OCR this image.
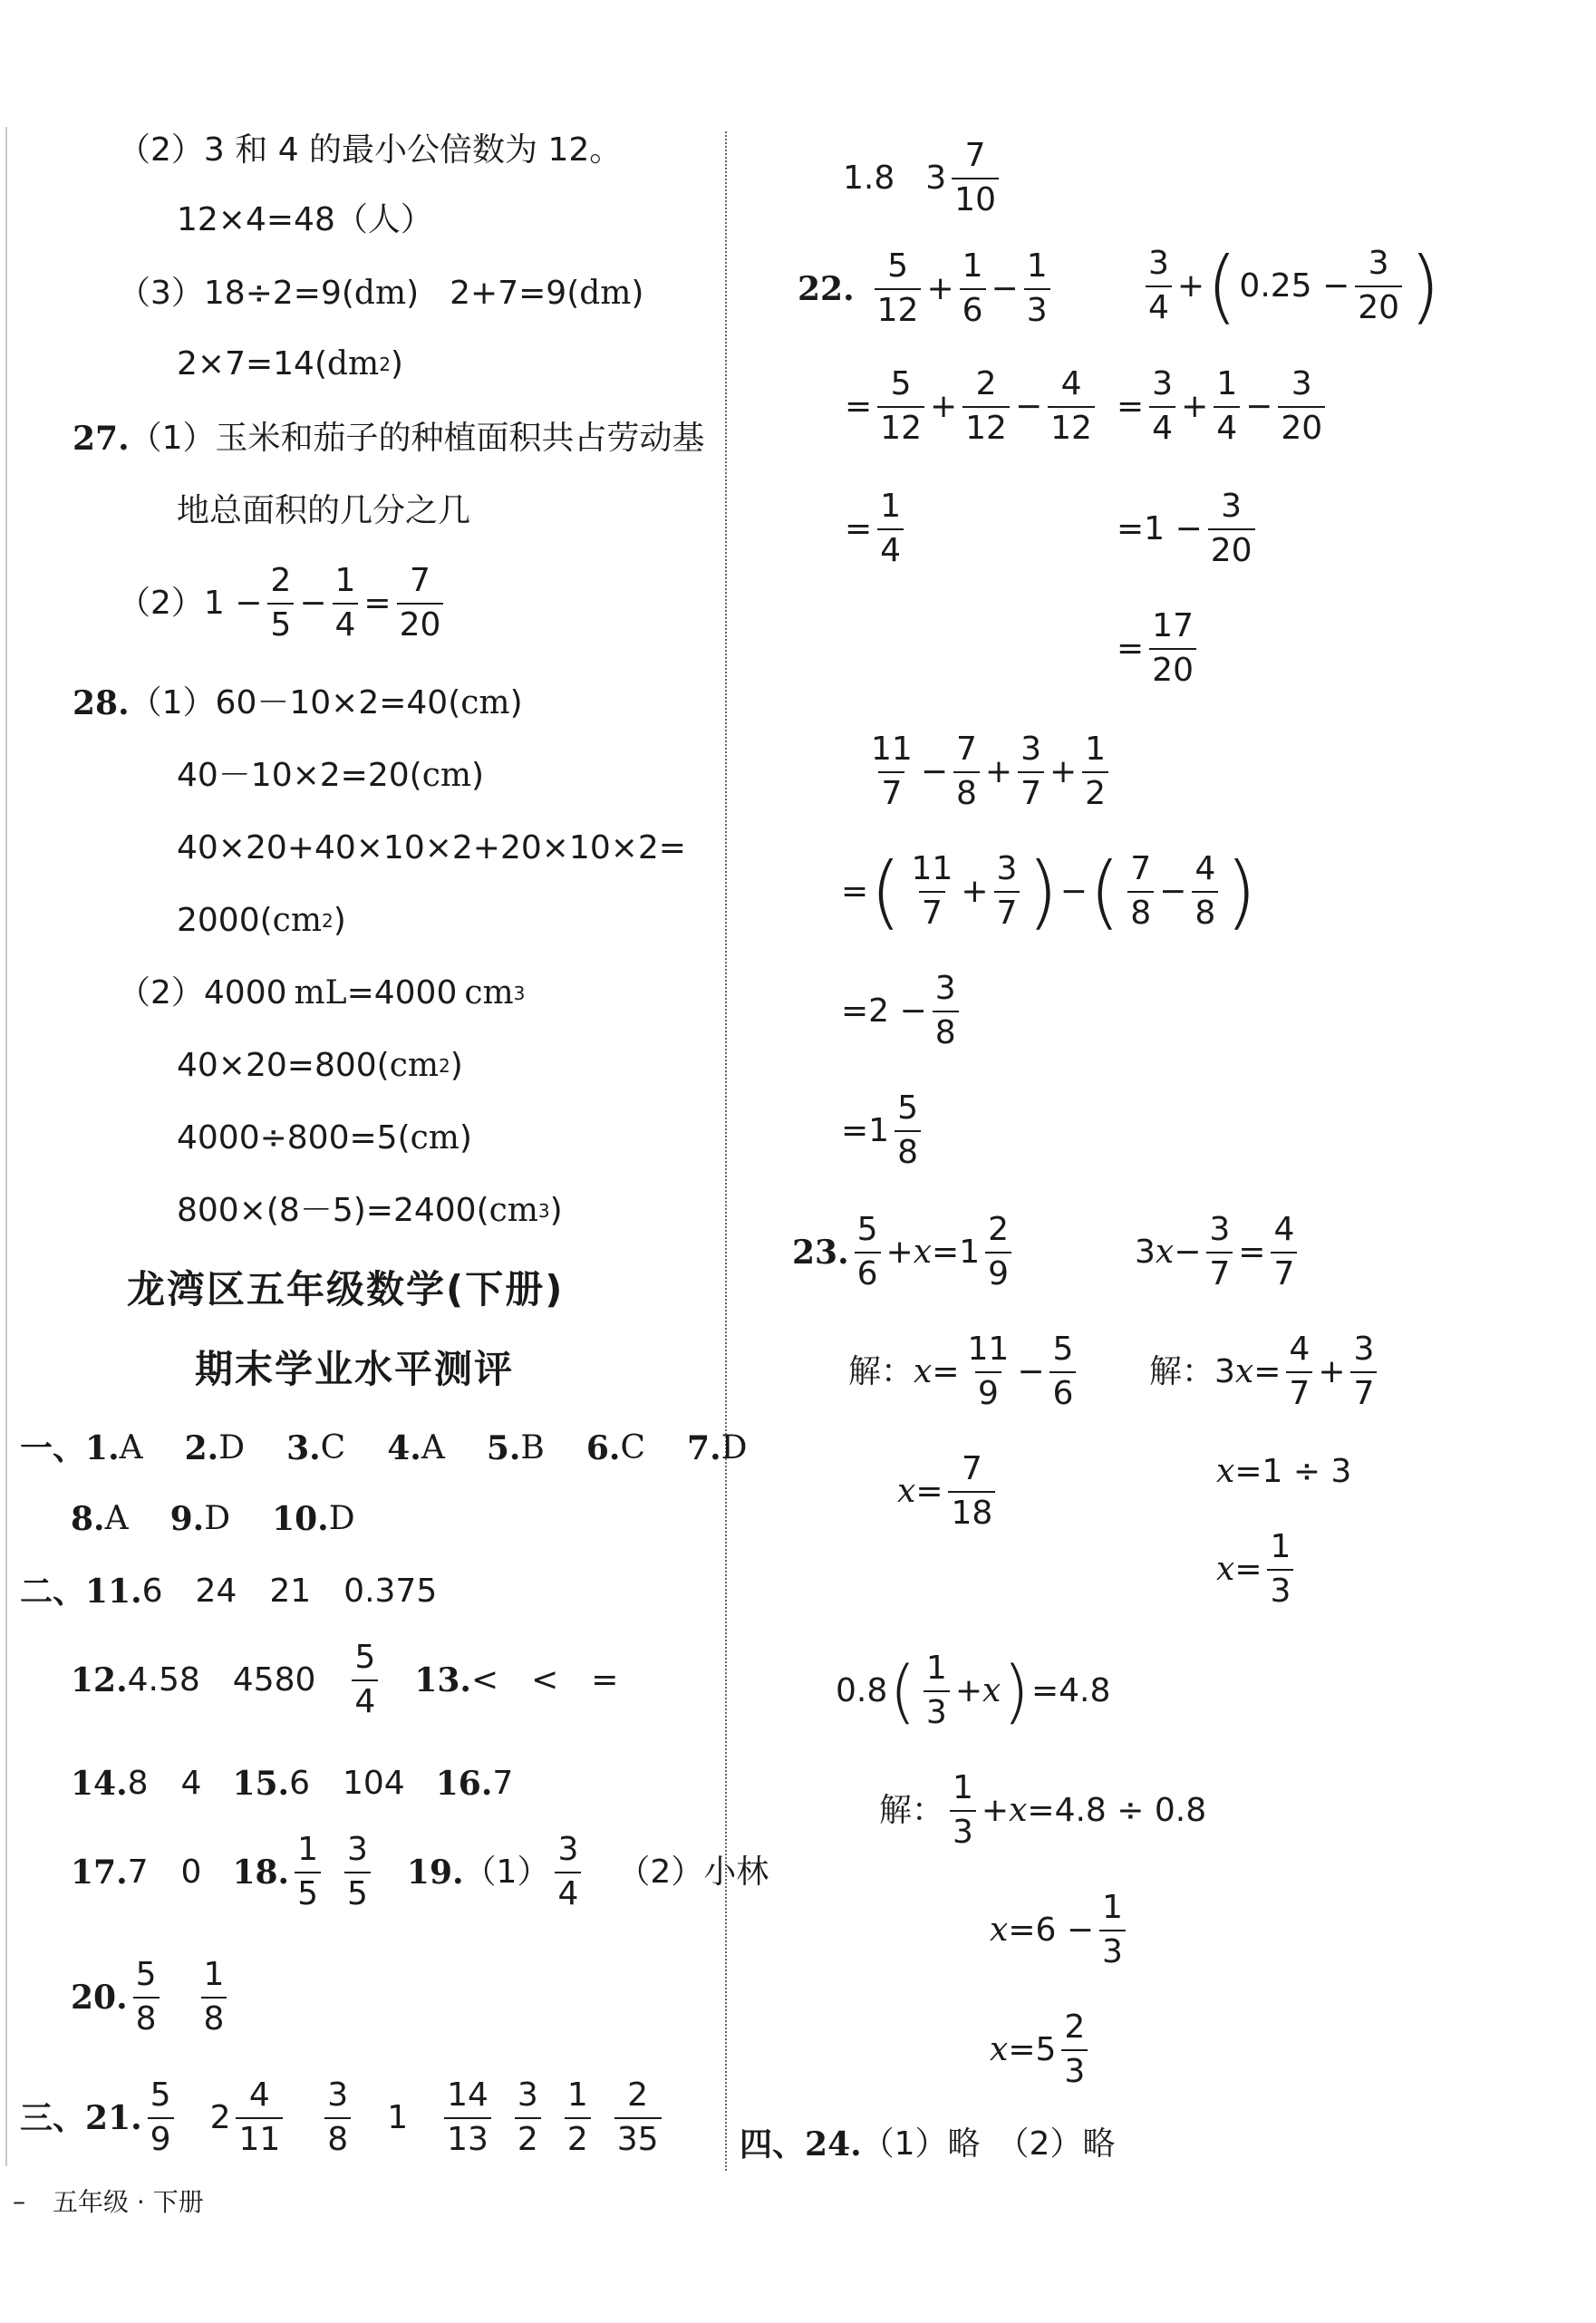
（2）3 和 4 的最小公倍数为 12。
12×4=48（人）
（3） 18÷2=9 ( dm ) 2+7=9 ( dm )
2×7=14 ( dm 2 )
27. （1）玉米和茄子的种植面积共占劳动基
地总面积的几分之几
（2） $1 - \frac{2}{5} - \frac{1}{4} = \frac{7}{20}$
28. （1）60－10×2=40 ( cm )
40－10×2=20 ( cm )
40×20+40×10×2+20×10×2=
2000 ( cm 2 )
（2）4000 mL =4000 cm 3
40×20=800 ( cm 2 )
4000÷800=5 ( cm )
800×(8－5)=2400 ( cm 3 )
龙湾区五年级数学(下册)
期末学业水平测评
一、 1. A 2. D 3. C 4. A 5. B 6. C 7. D
8. A 9. D 10. D
二、 11. 6　24　21　0.375
12. 4.58　$4580 \frac{5}{4} 13$. <　<　=
14. 8　4 15. 6　104 16. 7
17. 7　0 18. $\frac{1}{5} \frac{3}{5} 19$. $(1) \frac{3}{4} (2)$小林
20. $\frac{5}{8} \frac{1}{8}$
三、 21. $\frac{5}{9} 2 \frac{4}{11} \frac{3}{8} 1 \frac{14}{13} \frac{3}{2} \frac{1}{2} \frac{2}{35}$
1.8 $3 \frac{7}{10}$
22. $\frac{5}{12} + \frac{1}{6} - \frac{1}{3}$
= $\frac{5}{12} + \frac{2}{12} - \frac{4}{12}$
= $\frac{1}{4}$
$\frac{3}{4}$ + ( $0.25 - \frac{3}{20}$ )
= $\frac{3}{4} + \frac{1}{4} - \frac{3}{20}$
$=1 - \frac{3}{20}$
= $\frac{17}{20}$
$\frac{11}{7} - \frac{7}{8} + \frac{3}{7} + \frac{1}{2}$
= ( $\frac{11}{7} + \frac{3}{7}$ ) − ( $\frac{7}{8} - \frac{4}{8}$ )
$=2 - \frac{3}{8}$
$=1 \frac{5}{8}$
23. $\frac{5}{6} + x =1 \frac{2}{9}$
解： $x = \frac{11}{9} - \frac{5}{6}$
$x = \frac{7}{18}$
3 $x - \frac{3}{7} = \frac{4}{7}$
解： 3 $x = \frac{4}{7} + \frac{3}{7}$
x =1 ÷ 3
$x = \frac{1}{3}$
0.8 ( $\frac{1}{3} + x$ ) =4.8
解： $\frac{1}{3} + x =4.8 \div 0.8$
$x =6 - \frac{1}{3}$
$x =5 \frac{2}{3}$
四、 24. （1）略　（2）略
– 五年级 · 下册
